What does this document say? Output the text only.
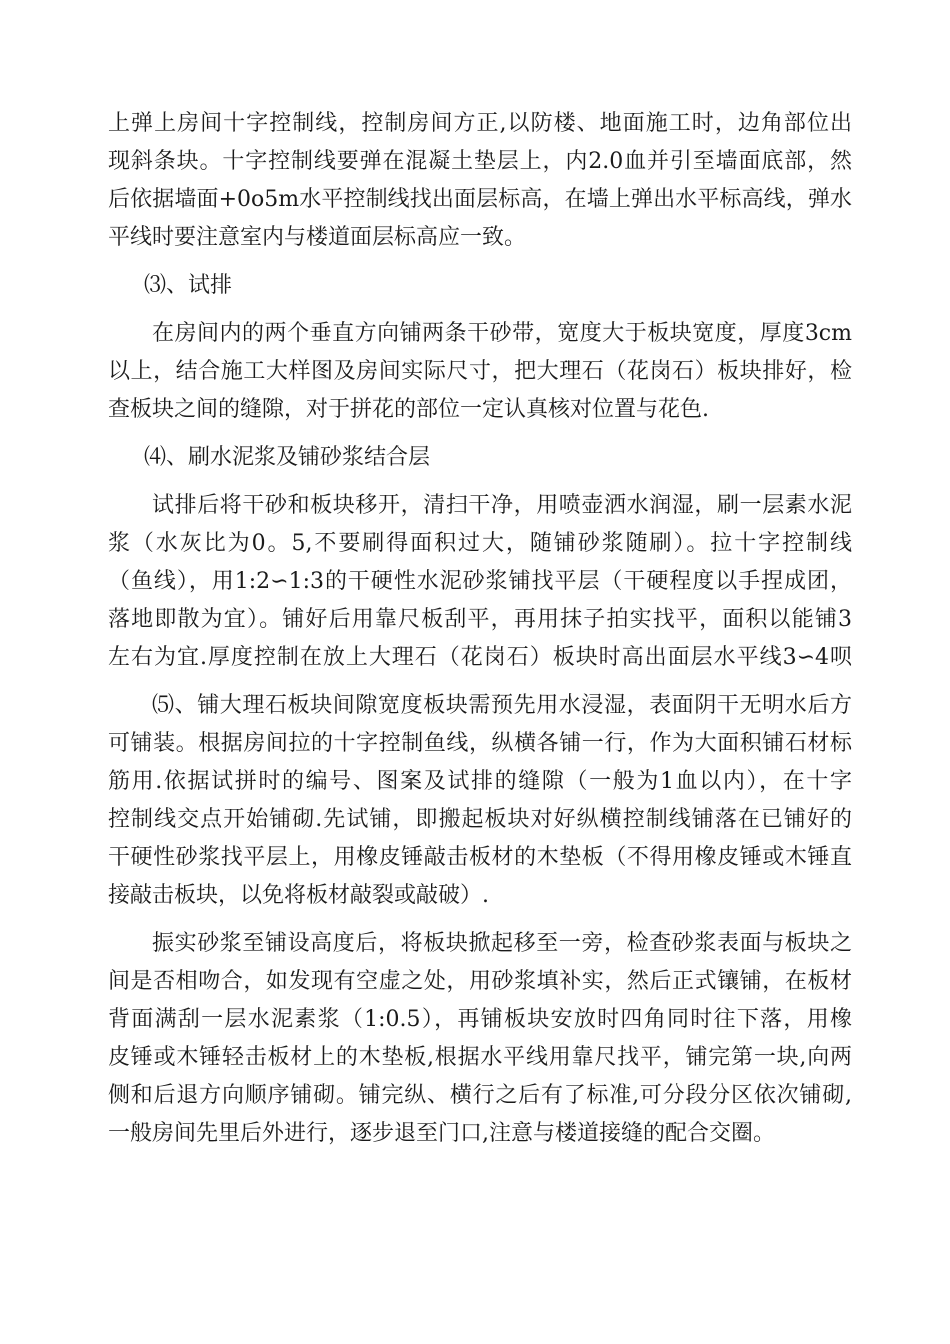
上弹上房间十字控制线，控制房间方正,以防楼、地面施工时，边角部位出
现斜条块。十字控制线要弹在混凝土垫层上，内2.0血并引至墙面底部，然
后依据墙面+0o5m水平控制线找出面层标高，在墙上弹出水平标高线，弹水
平线时要注意室内与楼道面层标高应一致。
⑶、试排
在房间内的两个垂直方向铺两条干砂带，宽度大于板块宽度，厚度3cm
以上，结合施工大样图及房间实际尺寸，把大理石（花岗石）板块排好，检
查板块之间的缝隙，对于拼花的部位一定认真核对位置与花色.
⑷、刷水泥浆及铺砂浆结合层
试排后将干砂和板块移开，清扫干净，用喷壶洒水润湿，刷一层素水泥
浆（水灰比为0。5,不要刷得面积过大，随铺砂浆随刷）。拉十字控制线
（鱼线），用1:2∽1:3的干硬性水泥砂浆铺找平层（干硬程度以手捏成团，
落地即散为宜）。铺好后用靠尺板刮平，再用抹子拍实找平，面积以能铺3
左右为宜.厚度控制在放上大理石（花岗石）板块时高出面层水平线3∽4呗
⑸、铺大理石板块间隙宽度板块需预先用水浸湿，表面阴干无明水后方
可铺装。根据房间拉的十字控制鱼线，纵横各铺一行，作为大面积铺石材标
筋用.依据试拼时的编号、图案及试排的缝隙（一般为1血以内），在十字
控制线交点开始铺砌.先试铺，即搬起板块对好纵横控制线铺落在已铺好的
干硬性砂浆找平层上，用橡皮锤敲击板材的木垫板（不得用橡皮锤或木锤直
接敲击板块，以免将板材敲裂或敲破）.
振实砂浆至铺设高度后，将板块掀起移至一旁，检查砂浆表面与板块之
间是否相吻合，如发现有空虚之处，用砂浆填补实，然后正式镶铺，在板材
背面满刮一层水泥素浆（1:0.5），再铺板块安放时四角同时往下落，用橡
皮锤或木锤轻击板材上的木垫板,根据水平线用靠尺找平，铺完第一块,向两
侧和后退方向顺序铺砌。铺完纵、横行之后有了标准,可分段分区依次铺砌,
一般房间先里后外进行，逐步退至门口,注意与楼道接缝的配合交圈。
